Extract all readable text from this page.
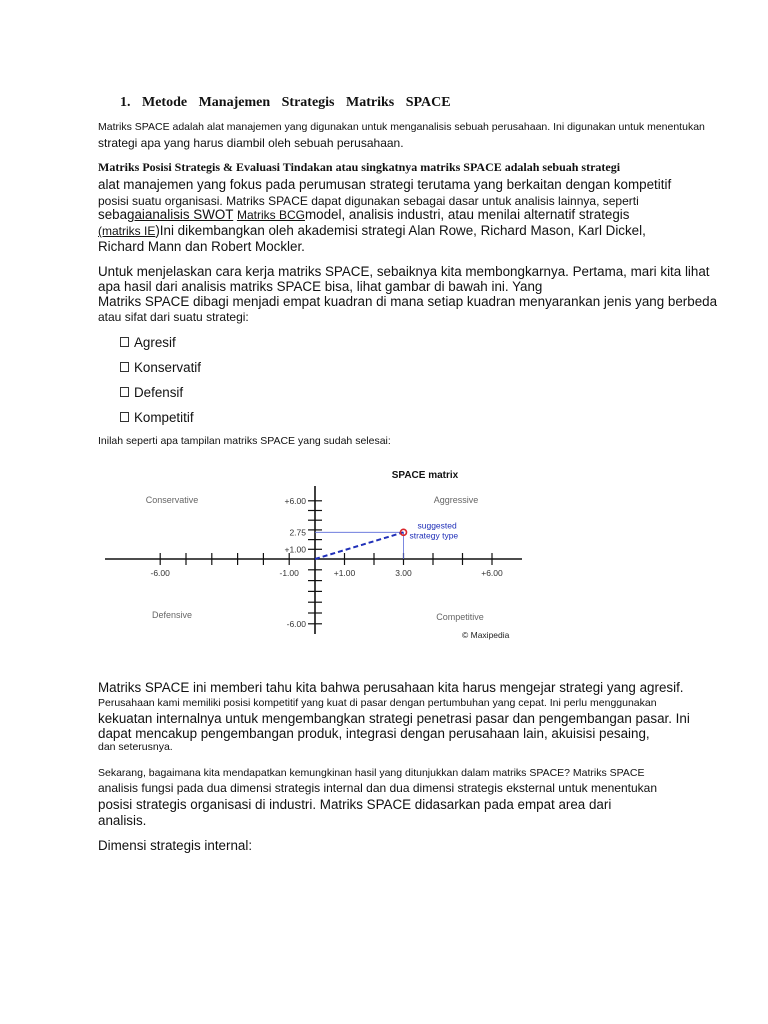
1. Metode Manajemen Strategis Matriks SPACE
Matriks SPACE adalah alat manajemen yang digunakan untuk menganalisis sebuah perusahaan. Ini digunakan untuk menentukan
strategi apa yang harus diambil oleh sebuah perusahaan.
Matriks Posisi Strategis & Evaluasi Tindakan atau singkatnya matriks SPACE adalah sebuah strategi
alat manajemen yang fokus pada perumusan strategi terutama yang berkaitan dengan kompetitif
posisi suatu organisasi. Matriks SPACE dapat digunakan sebagai dasar untuk analisis lainnya, seperti
sebagaianalisis SWOT Matriks BCGmodel, analisis industri, atau menilai alternatif strategis
(matriks IE)Ini dikembangkan oleh akademisi strategi Alan Rowe, Richard Mason, Karl Dickel,
Richard Mann dan Robert Mockler.
Untuk menjelaskan cara kerja matriks SPACE, sebaiknya kita membongkarnya. Pertama, mari kita lihat
apa hasil dari analisis matriks SPACE bisa, lihat gambar di bawah ini. Yang
Matriks SPACE dibagi menjadi empat kuadran di mana setiap kuadran menyarankan jenis yang berbeda
atau sifat dari suatu strategi:
Agresif
Konservatif
Defensif
Kompetitif
Inilah seperti apa tampilan matriks SPACE yang sudah selesai:
-6.00	-1.00	+1.00	3.00	+6.00
+6.00
2.75
+1.00
-6.00
SPACE matrix
Conservative	Aggressive
Defensive	Competitive
suggested
strategy type
© Maxipedia
Matriks SPACE ini memberi tahu kita bahwa perusahaan kita harus mengejar strategi yang agresif.
Perusahaan kami memiliki posisi kompetitif yang kuat di pasar dengan pertumbuhan yang cepat. Ini perlu menggunakan
kekuatan internalnya untuk mengembangkan strategi penetrasi pasar dan pengembangan pasar. Ini
dapat mencakup pengembangan produk, integrasi dengan perusahaan lain, akuisisi pesaing,
dan seterusnya.
Sekarang, bagaimana kita mendapatkan kemungkinan hasil yang ditunjukkan dalam matriks SPACE? Matriks SPACE
analisis fungsi pada dua dimensi strategis internal dan dua dimensi strategis eksternal untuk menentukan
posisi strategis organisasi di industri. Matriks SPACE didasarkan pada empat area dari
analisis.
Dimensi strategis internal:
